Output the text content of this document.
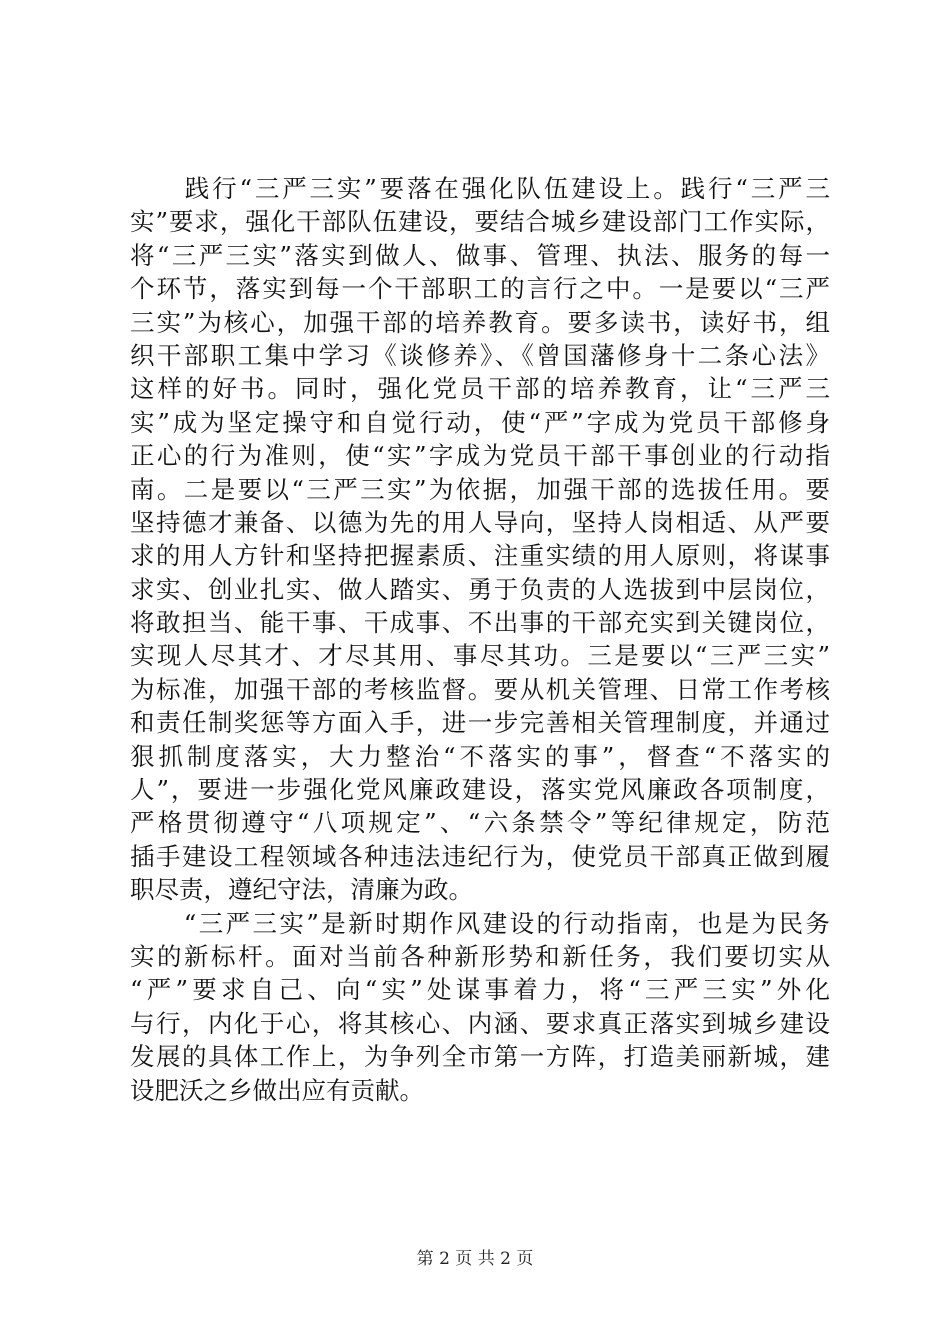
　　践行“三严三实”要落在强化队伍建设上。践行“三严三
实”要求，强化干部队伍建设，要结合城乡建设部门工作实际，
将“三严三实”落实到做人、做事、管理、执法、服务的每一
个环节，落实到每一个干部职工的言行之中。一是要以“三严
三实”为核心，加强干部的培养教育。要多读书，读好书，组
织干部职工集中学习《谈修养》、《曾国藩修身十二条心法》
这样的好书。同时，强化党员干部的培养教育，让“三严三
实”成为坚定操守和自觉行动，使“严”字成为党员干部修身
正心的行为准则，使“实”字成为党员干部干事创业的行动指
南。二是要以“三严三实”为依据，加强干部的选拔任用。要
坚持德才兼备、以德为先的用人导向，坚持人岗相适、从严要
求的用人方针和坚持把握素质、注重实绩的用人原则，将谋事
求实、创业扎实、做人踏实、勇于负责的人选拔到中层岗位，
将敢担当、能干事、干成事、不出事的干部充实到关键岗位，
实现人尽其才、才尽其用、事尽其功。三是要以“三严三实”
为标准，加强干部的考核监督。要从机关管理、日常工作考核
和责任制奖惩等方面入手，进一步完善相关管理制度，并通过
狠抓制度落实，大力整治“不落实的事”，督查“不落实的
人”，要进一步强化党风廉政建设，落实党风廉政各项制度，
严格贯彻遵守“八项规定”、“六条禁令”等纪律规定，防范
插手建设工程领域各种违法违纪行为，使党员干部真正做到履
职尽责，遵纪守法，清廉为政。
　　“三严三实”是新时期作风建设的行动指南，也是为民务
实的新标杆。面对当前各种新形势和新任务，我们要切实从
“严”要求自己、向“实”处谋事着力，将“三严三实”外化
与行，内化于心，将其核心、内涵、要求真正落实到城乡建设
发展的具体工作上，为争列全市第一方阵，打造美丽新城，建
设肥沃之乡做出应有贡献。
第 2 页 共 2 页
